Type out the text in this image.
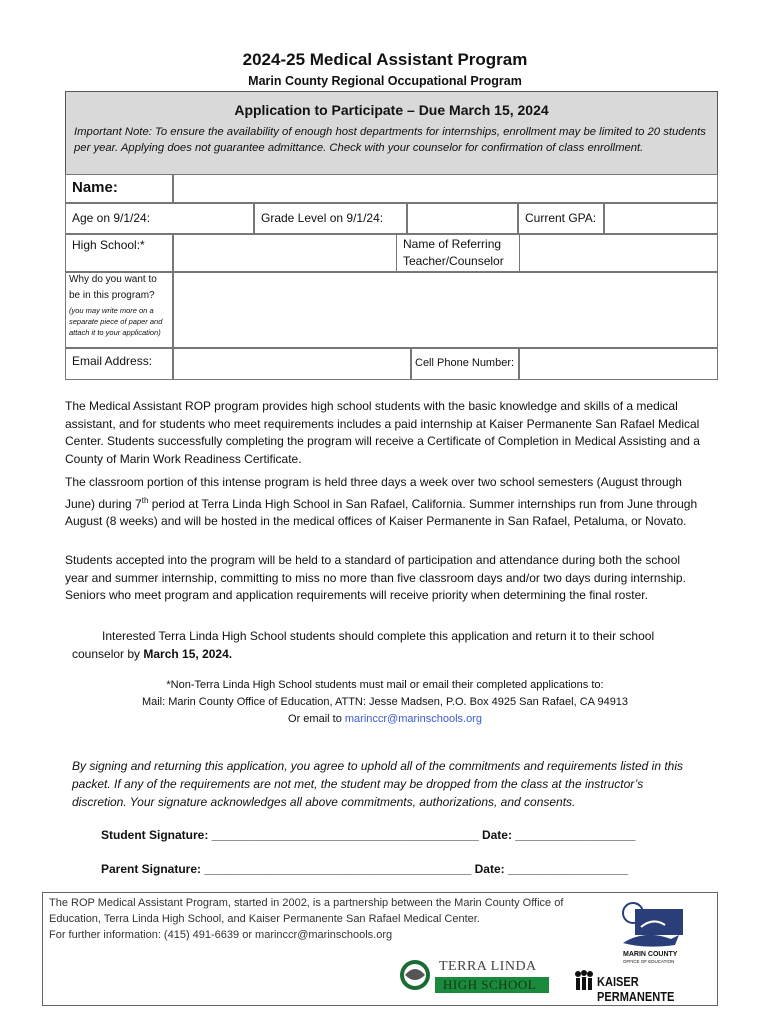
2024-25 Medical Assistant Program
Marin County Regional Occupational Program
Application to Participate – Due March 15, 2024
Important Note: To ensure the availability of enough host departments for internships, enrollment may be limited to 20 students per year. Applying does not guarantee admittance. Check with your counselor for confirmation of class enrollment.
Name:
Age on 9/1/24:	Grade Level on 9/1/24:	Current GPA:
High School:*	Name of Referring
Teacher/Counselor
Why do you want to
be in this program?
(you may write more on a
separate piece of paper and
attach it to your application)
Email Address:	Cell Phone Number:
The Medical Assistant ROP program provides high school students with the basic knowledge and skills of a medical assistant, and for students who meet requirements includes a paid internship at Kaiser Permanente San Rafael Medical Center. Students successfully completing the program will receive a Certificate of Completion in Medical Assisting and a County of Marin Work Readiness Certificate.
The classroom portion of this intense program is held three days a week over two school semesters (August through June) during 7th period at Terra Linda High School in San Rafael, California. Summer internships run from June through August (8 weeks) and will be hosted in the medical offices of Kaiser Permanente in San Rafael, Petaluma, or Novato.
Students accepted into the program will be held to a standard of participation and attendance during both the school year and summer internship, committing to miss no more than five classroom days and/or two days during internship. Seniors who meet program and application requirements will receive priority when determining the final roster.
Interested Terra Linda High School students should complete this application and return it to their school counselor by March 15, 2024.
*Non-Terra Linda High School students must mail or email their completed applications to:
Mail: Marin County Office of Education, ATTN: Jesse Madsen, P.O. Box 4925 San Rafael, CA 94913
Or email to marinccr@marinschools.org
By signing and returning this application, you agree to uphold all of the commitments and requirements listed in this packet. If any of the requirements are not met, the student may be dropped from the class at the instructor’s discretion. Your signature acknowledges all above commitments, authorizations, and consents.
Student Signature: ________________________________________ Date: __________________
Parent Signature: ________________________________________ Date: __________________
The ROP Medical Assistant Program, started in 2002, is a partnership between the Marin County Office of
Education, Terra Linda High School, and Kaiser Permanente San Rafael Medical Center.
For further information: (415) 491-6639 or marinccr@marinschools.org
MARIN COUNTY
OFFICE OF EDUCATION
TERRA LINDA
HIGH SCHOOL	KAISER PERMANENTE
